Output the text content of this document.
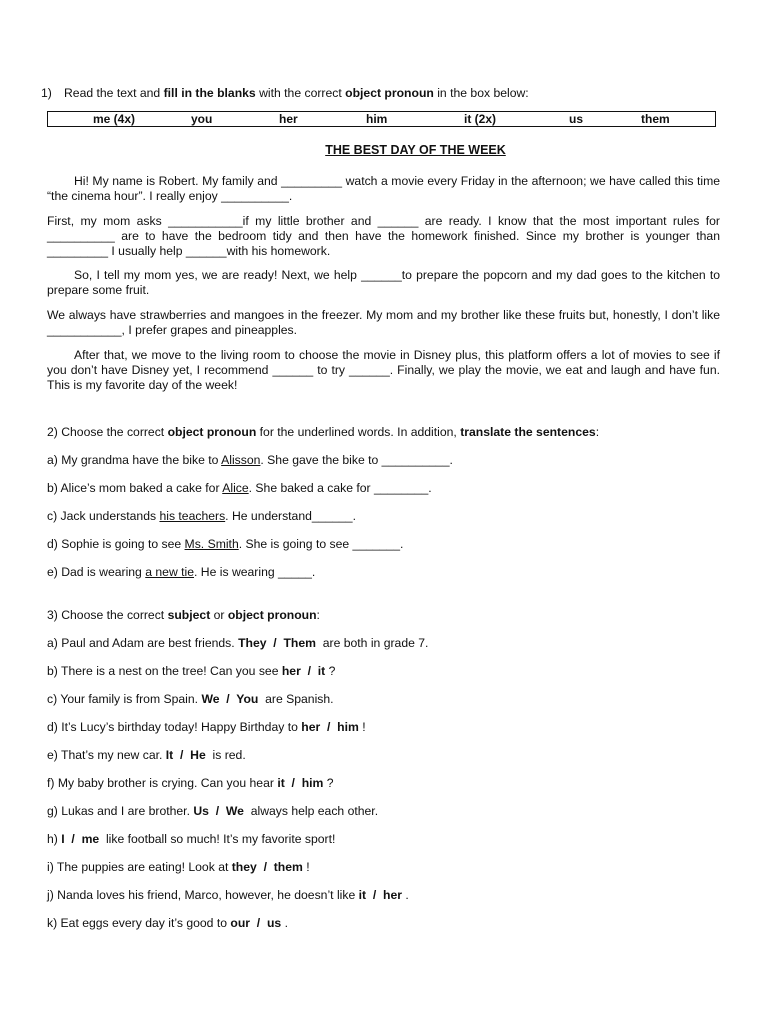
1) Read the text and fill in the blanks with the correct object pronoun in the box below:
me (4x)	you	her	him	it (2x)	us	them
THE BEST DAY OF THE WEEK
Hi! My name is Robert. My family and _________ watch a movie every Friday in the afternoon; we have called this time “the cinema hour”. I really enjoy __________.
First, my mom asks ___________if my little brother and ______ are ready. I know that the most important rules for __________ are to have the bedroom tidy and then have the homework finished. Since my brother is younger than _________ I usually help ______with his homework.
So, I tell my mom yes, we are ready! Next, we help ______to prepare the popcorn and my dad goes to the kitchen to prepare some fruit.
We always have strawberries and mangoes in the freezer. My mom and my brother like these fruits but, honestly, I don’t like ___________, I prefer grapes and pineapples.
After that, we move to the living room to choose the movie in Disney plus, this platform offers a lot of movies to see if you don’t have Disney yet, I recommend ______ to try ______. Finally, we play the movie, we eat and laugh and have fun. This is my favorite day of the week!
2) Choose the correct object pronoun for the underlined words. In addition, translate the sentences:
a) My grandma have the bike to Alisson. She gave the bike to __________.
b) Alice’s mom baked a cake for Alice. She baked a cake for ________.
c) Jack understands his teachers. He understand______.
d) Sophie is going to see Ms. Smith. She is going to see _______.
e) Dad is wearing a new tie. He is wearing _____.
3) Choose the correct subject or object pronoun:
a) Paul and Adam are best friends. They  /  Them  are both in grade 7.
b) There is a nest on the tree! Can you see her  /  it ?
c) Your family is from Spain. We  /  You  are Spanish.
d) It’s Lucy’s birthday today! Happy Birthday to her  /  him !
e) That’s my new car. It  /  He  is red.
f) My baby brother is crying. Can you hear it  /  him ?
g) Lukas and I are brother. Us  /  We  always help each other.
h) I  /  me  like football so much! It’s my favorite sport!
i) The puppies are eating! Look at they  /  them !
j) Nanda loves his friend, Marco, however, he doesn’t like it  /  her .
k) Eat eggs every day it’s good to our  /  us .
